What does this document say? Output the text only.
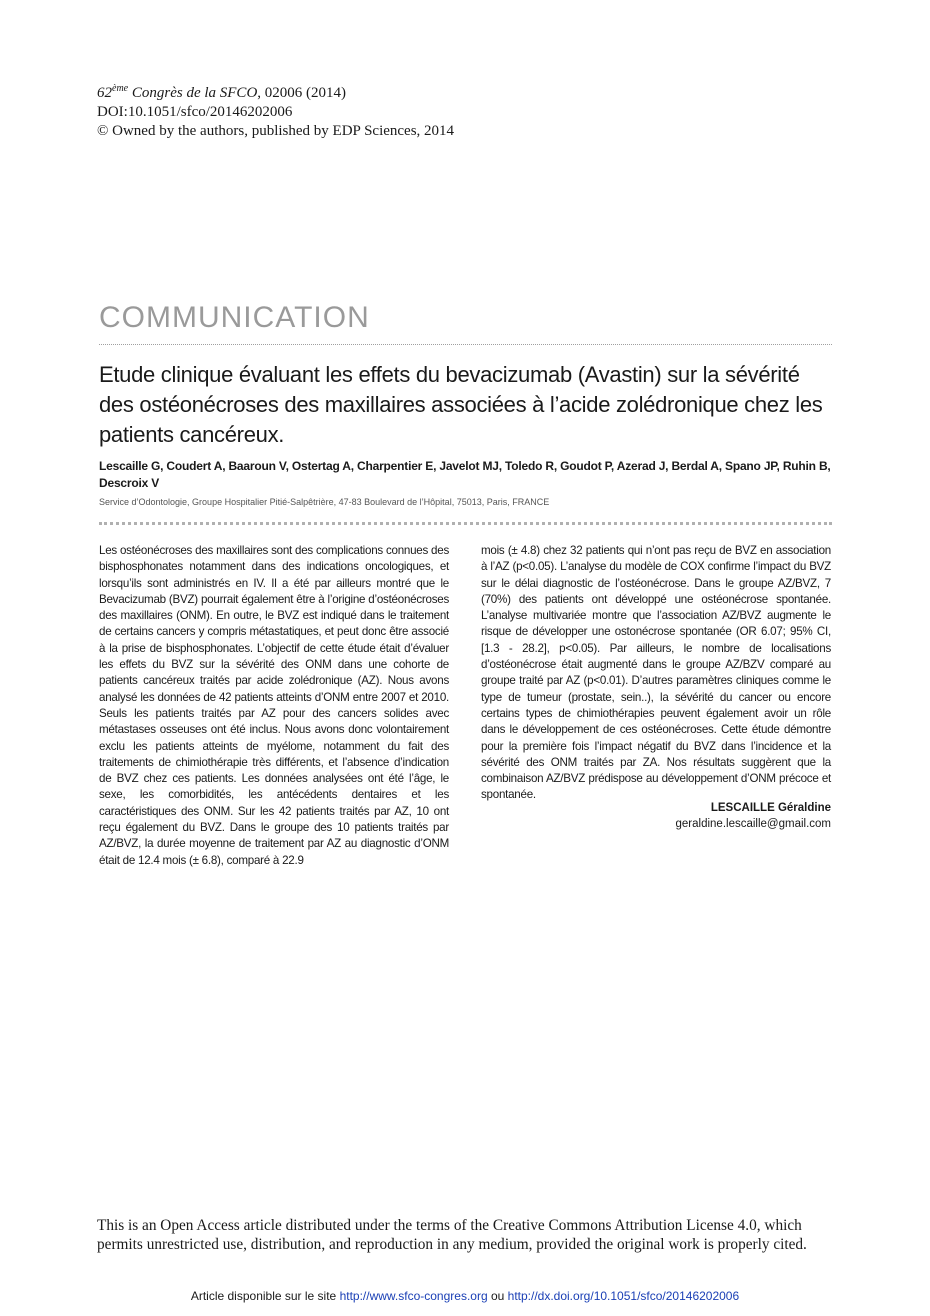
62ème Congrès de la SFCO, 02006 (2014)
DOI:10.1051/sfco/20146202006
© Owned by the authors, published by EDP Sciences, 2014
COMMUNICATION
Etude clinique évaluant les effets du bevacizumab (Avastin) sur la sévérité des ostéonécroses des maxillaires associées à l’acide zolédronique chez les patients cancéreux.
Lescaille G, Coudert A, Baaroun V, Ostertag A, Charpentier E, Javelot MJ, Toledo R, Goudot P, Azerad J, Berdal A, Spano JP, Ruhin B, Descroix V
Service d’Odontologie, Groupe Hospitalier Pitié-Salpêtrière, 47-83 Boulevard de l’Hôpital, 75013, Paris, FRANCE

Les ostéonécroses des maxillaires sont des complications connues des bisphosphonates notamment dans des indications oncologiques, et lorsqu’ils sont administrés en IV. Il a été par ailleurs montré que le Bevacizumab (BVZ) pourrait également être à l’origine d’ostéonécroses des maxillaires (ONM). En outre, le BVZ est indiqué dans le traitement de certains cancers y compris métastatiques, et peut donc être associé à la prise de bisphosphonates. L’objectif de cette étude était d’évaluer les effets du BVZ sur la sévérité des ONM dans une cohorte de patients cancéreux traités par acide zolédronique (AZ). Nous avons analysé les données de 42 patients atteints d’ONM entre 2007 et 2010. Seuls les patients traités par AZ pour des cancers solides avec métastases osseuses ont été inclus. Nous avons donc volontairement exclu les patients atteints de myélome, notamment du fait des traitements de chimiothérapie très différents, et l’absence d’indication de BVZ chez ces patients. Les données analysées ont été l’âge, le sexe, les comorbidités, les antécédents dentaires et les caractéristiques des ONM. Sur les 42 patients traités par AZ, 10 ont reçu également du BVZ. Dans le groupe des 10 patients traités par AZ/BVZ, la durée moyenne de traitement par AZ au diagnostic d’ONM était de 12.4 mois (± 6.8), comparé à 22.9

mois (± 4.8) chez 32 patients qui n’ont pas reçu de BVZ en association à l’AZ (p<0.05). L’analyse du modèle de COX confirme l’impact du BVZ sur le délai diagnostic de l’ostéonécrose. Dans le groupe AZ/BVZ, 7 (70%) des patients ont développé une ostéonécrose spontanée. L’analyse multivariée montre que l’association AZ/BVZ augmente le risque de développer une ostonécrose spontanée (OR 6.07; 95% CI, [1.3 - 28.2], p<0.05). Par ailleurs, le nombre de localisations d’ostéonécrose était augmenté dans le groupe AZ/BZV comparé au groupe traité par AZ (p<0.01). D’autres paramètres cliniques comme le type de tumeur (prostate, sein..), la sévérité du cancer ou encore certains types de chimiothérapies peuvent également avoir un rôle dans le développement de ces ostéonécroses. Cette étude démontre pour la première fois l’impact négatif du BVZ dans l’incidence et la sévérité des ONM traités par ZA. Nos résultats suggèrent que la combinaison AZ/BVZ prédispose au développement d’ONM précoce et spontanée.

LESCAILLE Géraldine
geraldine.lescaille@gmail.com
This is an Open Access article distributed under the terms of the Creative Commons Attribution License 4.0, which permits unrestricted use, distribution, and reproduction in any medium, provided the original work is properly cited.
Article disponible sur le site http://www.sfco-congres.org ou http://dx.doi.org/10.1051/sfco/20146202006
